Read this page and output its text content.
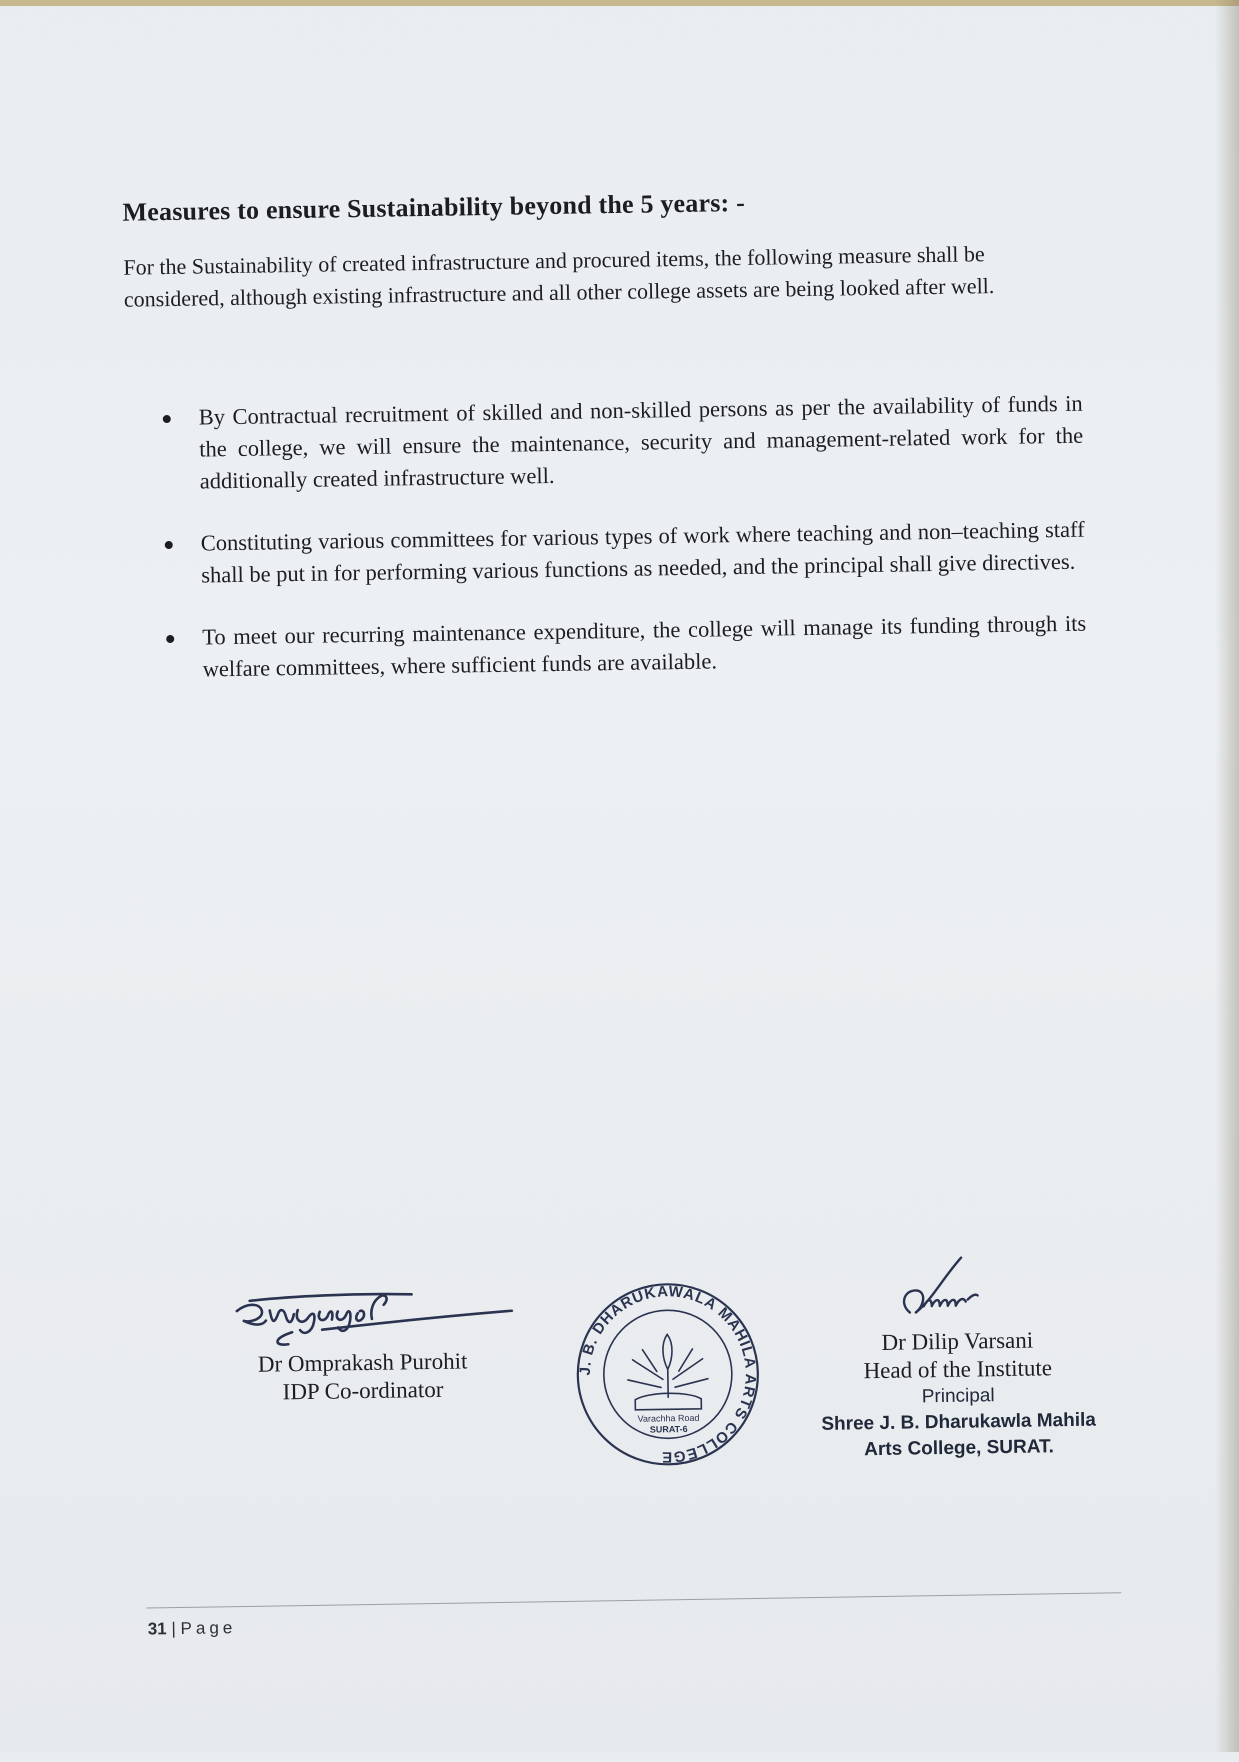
Measures to ensure Sustainability beyond the 5 years: -
For the Sustainability of created infrastructure and procured items, the following measure shall be considered, although existing infrastructure and all other college assets are being looked after well.
By Contractual recruitment of skilled and non-skilled persons as per the availability of funds in the college, we will ensure the maintenance, security and management-related work for the additionally created infrastructure well.
Constituting various committees for various types of work where teaching and non–teaching staff shall be put in for performing various functions as needed, and the principal shall give directives.
To meet our recurring maintenance expenditure, the college will manage its funding through its welfare committees, where sufficient funds are available.
Dr Omprakash Purohit
IDP Co-ordinator
J. B. DHARUKAWALA MAHILA ARTS COLLEGE
Varachha Road
SURAT-6
Dr Dilip Varsani
Head of the Institute
Principal
Shree J. B. Dharukawla Mahila
Arts College, SURAT.
31 | Page
